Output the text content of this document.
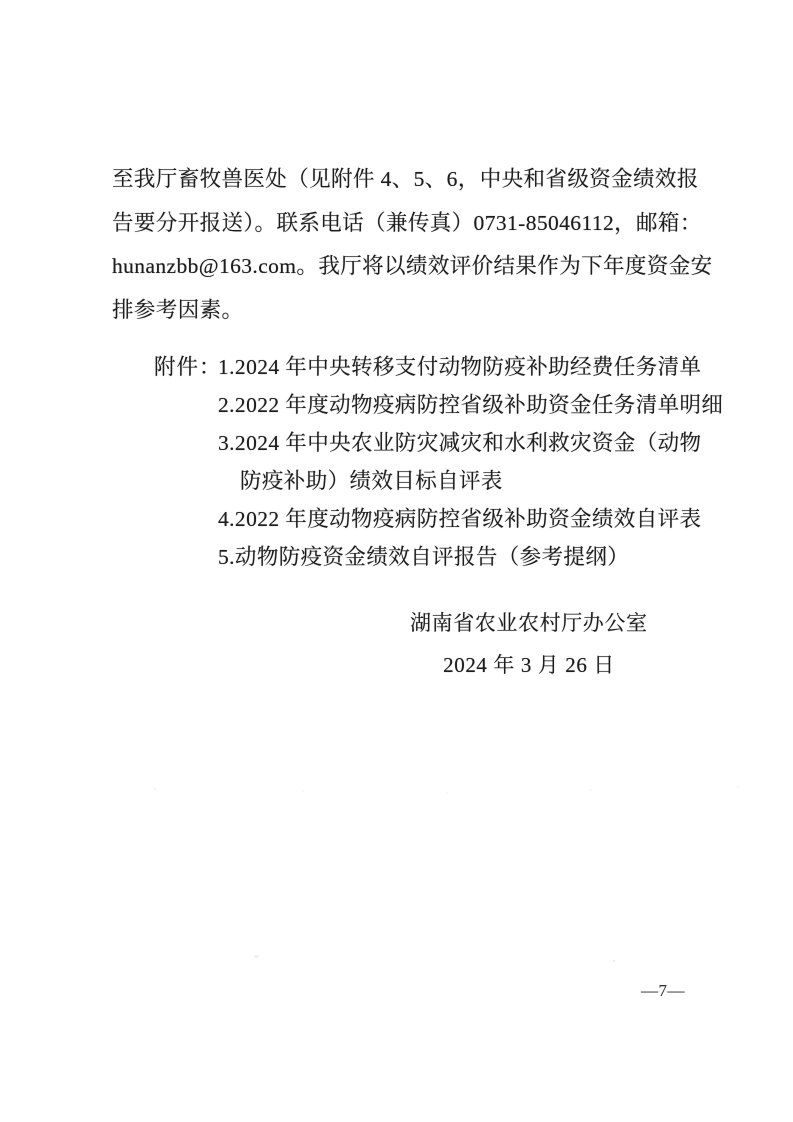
至我厅畜牧兽医处（见附件 4、5、6，中央和省级资金绩效报
告要分开报送）。联系电话（兼传真）0731-85046112，邮箱：
hunanzbb@163.com。我厅将以绩效评价结果作为下年度资金安
排参考因素。
附件：
1.2024 年中央转移支付动物防疫补助经费任务清单
2.2022 年度动物疫病防控省级补助资金任务清单明细
3.2024 年中央农业防灾减灾和水利救灾资金（动物
防疫补助）绩效目标自评表
4.2022 年度动物疫病防控省级补助资金绩效自评表
5.动物防疫资金绩效自评报告（参考提纲）
湖南省农业农村厅办公室
2024 年 3 月 26 日
—7—
